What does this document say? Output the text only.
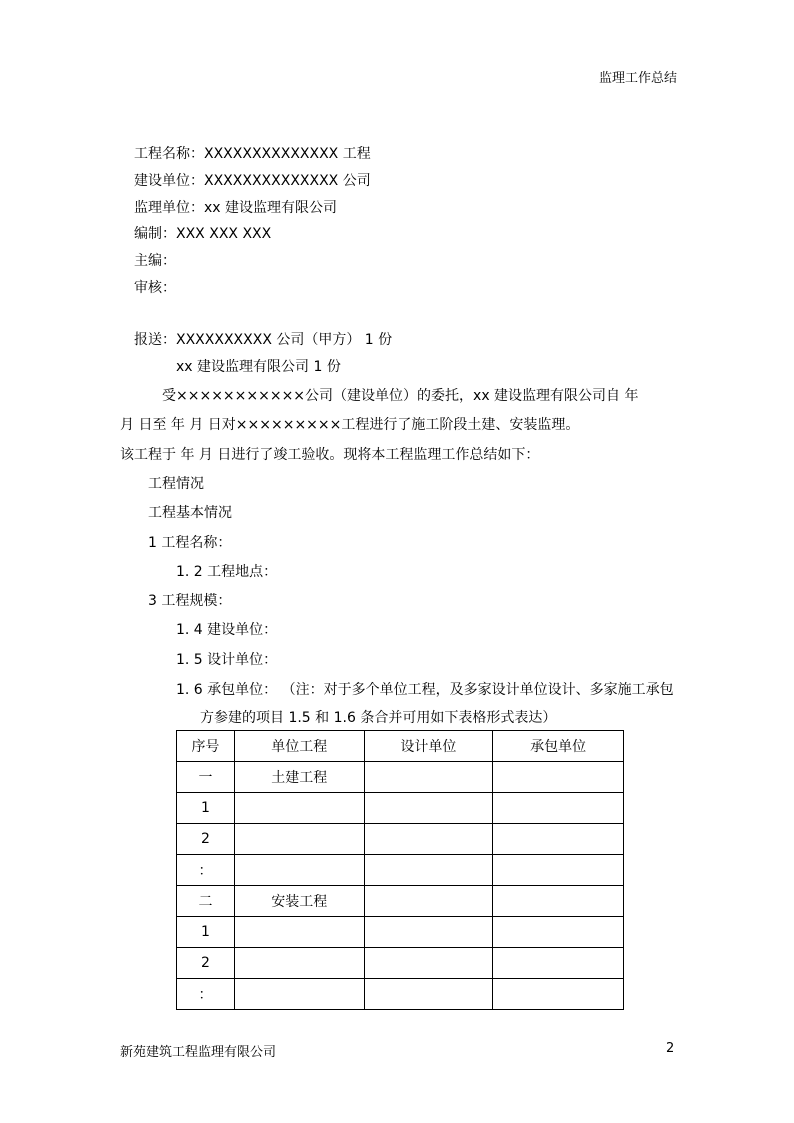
监理工作总结
工程名称：XXXXXXXXXXXXXX 工程
建设单位：XXXXXXXXXXXXXX 公司
监理单位：xx 建设监理有限公司
编制：XXX XXX XXX
主编：
审核：
报送：XXXXXXXXXX 公司（甲方） 1 份
xx 建设监理有限公司 1 份
受×××××××××××公司（建设单位）的委托，xx 建设监理有限公司自 年
月 日至 年 月 日对×××××××××工程进行了施工阶段土建、安装监理。
该工程于 年 月 日进行了竣工验收。现将本工程监理工作总结如下：
工程情况
工程基本情况
1 工程名称：
1. 2 工程地点：
3 工程规模：
1. 4 建设单位：
1. 5 设计单位：
1. 6 承包单位： （注：对于多个单位工程，及多家设计单位设计、多家施工承包
方参建的项目 1.5 和 1.6 条合并可用如下表格形式表达）
序号	单位工程	设计单位	承包单位
一	土建工程		
1			
2			
：			
二	安装工程		
1			
2			
：			
新苑建筑工程监理有限公司	2
